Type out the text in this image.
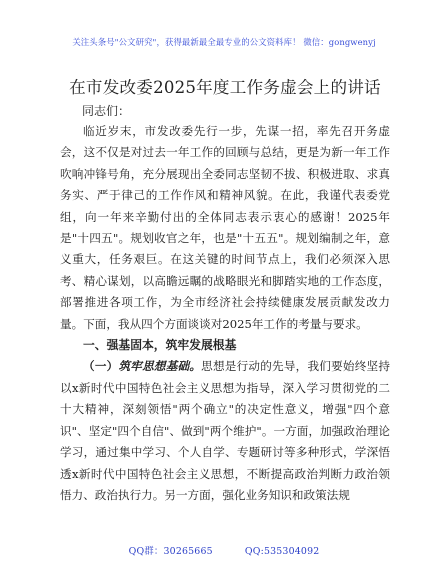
关注头条号"公文研究"，获得最新最全最专业的公文资料库！ 微信：gongwenyj
在市发改委2025年度工作务虚会上的讲话
同志们：

临近岁末，市发改委先行一步，先谋一招，率先召开务虚会，这不仅是对过去一年工作的回顾与总结，更是为新一年工作吹响冲锋号角，充分展现出全委同志坚韧不拔、积极进取、求真务实、严于律己的工作作风和精神风貌。在此，我谨代表委党组，向一年来辛勤付出的全体同志表示衷心的感谢！2025年是"十四五"。规划收官之年，也是"十五五"。规划编制之年，意义重大，任务艰巨。在这关键的时间节点上，我们必须深入思考、精心谋划，以高瞻远瞩的战略眼光和脚踏实地的工作态度，部署推进各项工作，为全市经济社会持续健康发展贡献发改力量。下面，我从四个方面谈谈对2025年工作的考量与要求。

一、强基固本，筑牢发展根基

（一）筑牢思想基础。思想是行动的先导，我们要始终坚持以x新时代中国特色社会主义思想为指导，深入学习贯彻党的二十大精神，深刻领悟"两个确立"的决定性意义，增强"四个意识"、坚定"四个自信"、做到"两个维护"。一方面，加强政治理论学习，通过集中学习、个人自学、专题研讨等多种形式，学深悟透x新时代中国特色社会主义思想，不断提高政治判断力政治领悟力、政治执行力。另一方面，强化业务知识和政策法规

QQ群：30265665	QQ:535304092
